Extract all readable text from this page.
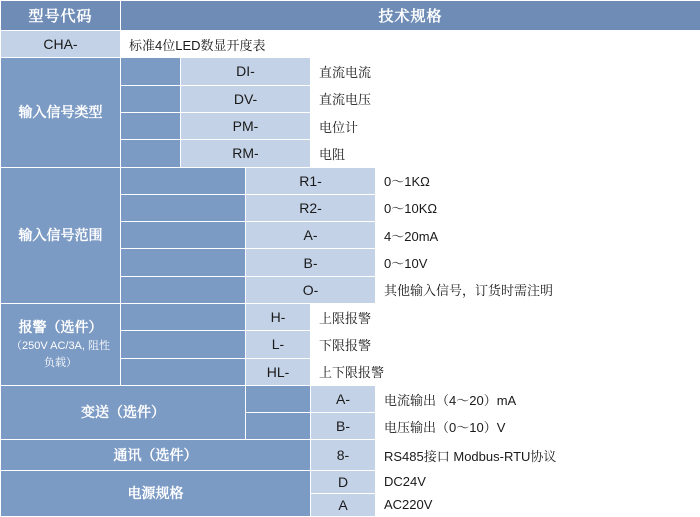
型号代码	技术规格				
CHA-	标准4位LED数显开度表				
输入信号类型		DI-		直流电流	
		DV-		直流电压	
		PM-		电位计	
		RM-		电阻	
输入信号范围			R1-		0～1KΩ
			R2-		0～10KΩ
			A-		4～20mA
			B-		0～10V
			O-		其他输入信号，订货时需注明
报警（选件）
（250V AC/3A, 阻性负载）			H-	上限报警	
			L-	下限报警	
			HL-	上下限报警	
变送（选件）				A-	电流输出（4～20）mA
				B-	电压输出（0～10）V
通讯（选件）				8-	RS485接口 Modbus-RTU协议
电源规格				D	DC24V
				A	AC220V
